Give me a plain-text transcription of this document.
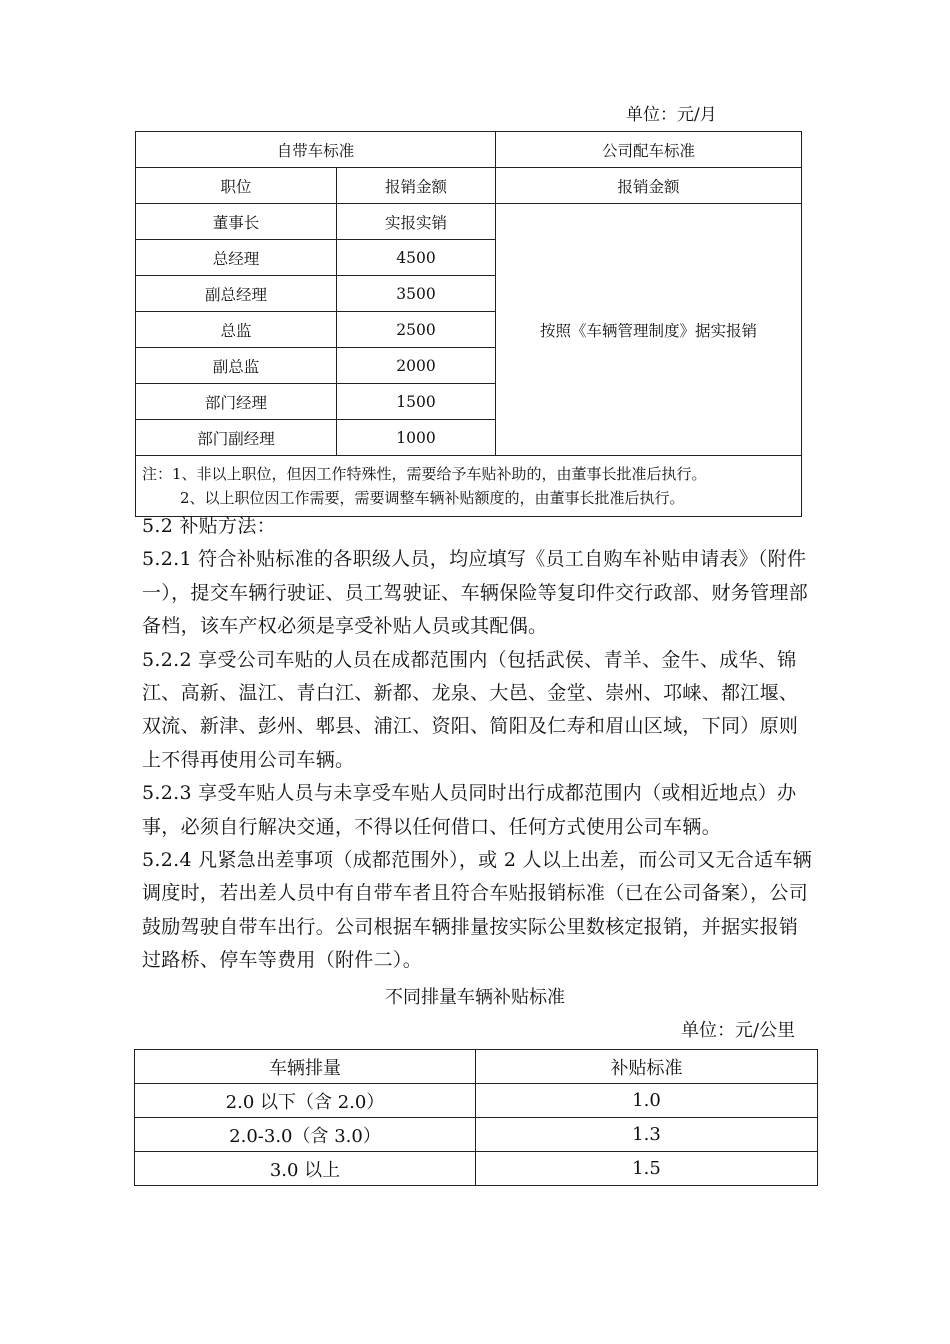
单位：元/月
自带车标准		公司配车标准
职位	报销金额	报销金额
董事长	实报实销	按照《车辆管理制度》据实报销
总经理	4500	
副总经理	3500	
总监	2500	
副总监	2000	
部门经理	1500	
部门副经理	1000	
注：1、非以上职位，但因工作特殊性，需要给予车贴补助的，由董事长批准后执行。
2、以上职位因工作需要，需要调整车辆补贴额度的，由董事长批准后执行。		
5.2 补贴方法：
5.2.1 符合补贴标准的各职级人员，均应填写《员工自购车补贴申请表》（附件一），提交车辆行驶证、员工驾驶证、车辆保险等复印件交行政部、财务管理部备档，该车产权必须是享受补贴人员或其配偶。
5.2.2 享受公司车贴的人员在成都范围内（包括武侯、青羊、金牛、成华、锦江、高新、温江、青白江、新都、龙泉、大邑、金堂、崇州、邛崃、都江堰、双流、新津、彭州、郫县、浦江、资阳、简阳及仁寿和眉山区域，下同）原则上不得再使用公司车辆。
5.2.3 享受车贴人员与未享受车贴人员同时出行成都范围内（或相近地点）办事，必须自行解决交通，不得以任何借口、任何方式使用公司车辆。
5.2.4 凡紧急出差事项（成都范围外），或 2 人以上出差，而公司又无合适车辆调度时，若出差人员中有自带车者且符合车贴报销标准（已在公司备案），公司鼓励驾驶自带车出行。公司根据车辆排量按实际公里数核定报销，并据实报销过路桥、停车等费用（附件二）。
不同排量车辆补贴标准
单位：元/公里
车辆排量	补贴标准
2.0 以下（含 2.0）	1.0
2.0-3.0（含 3.0）	1.3
3.0 以上	1.5
